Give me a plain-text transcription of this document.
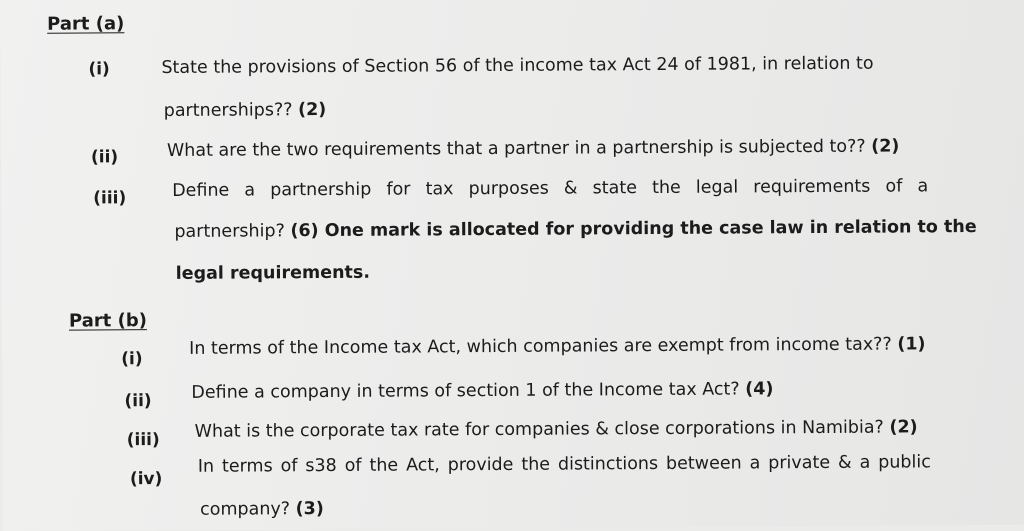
Part (a)
(i)	State the provisions of Section 56 of the income tax Act 24 of 1981, in relation to
partnerships?? (2)
(ii)	What are the two requirements that a partner in a partnership is subjected to?? (2)
(iii)	Define a partnership for tax purposes & state the legal requirements of a
partnership? (6) One mark is allocated for providing the case law in relation to the
legal requirements.
Part (b)
(i)
In terms of the Income tax Act, which companies are exempt from income tax?? (1)
(ii) Define a company in terms of section 1 of the Income tax Act? (4)
(iii) What is the corporate tax rate for companies & close corporations in Namibia? (2)
(iv)
In terms of s38 of the Act, provide the distinctions between a private & a public
company? (3)
